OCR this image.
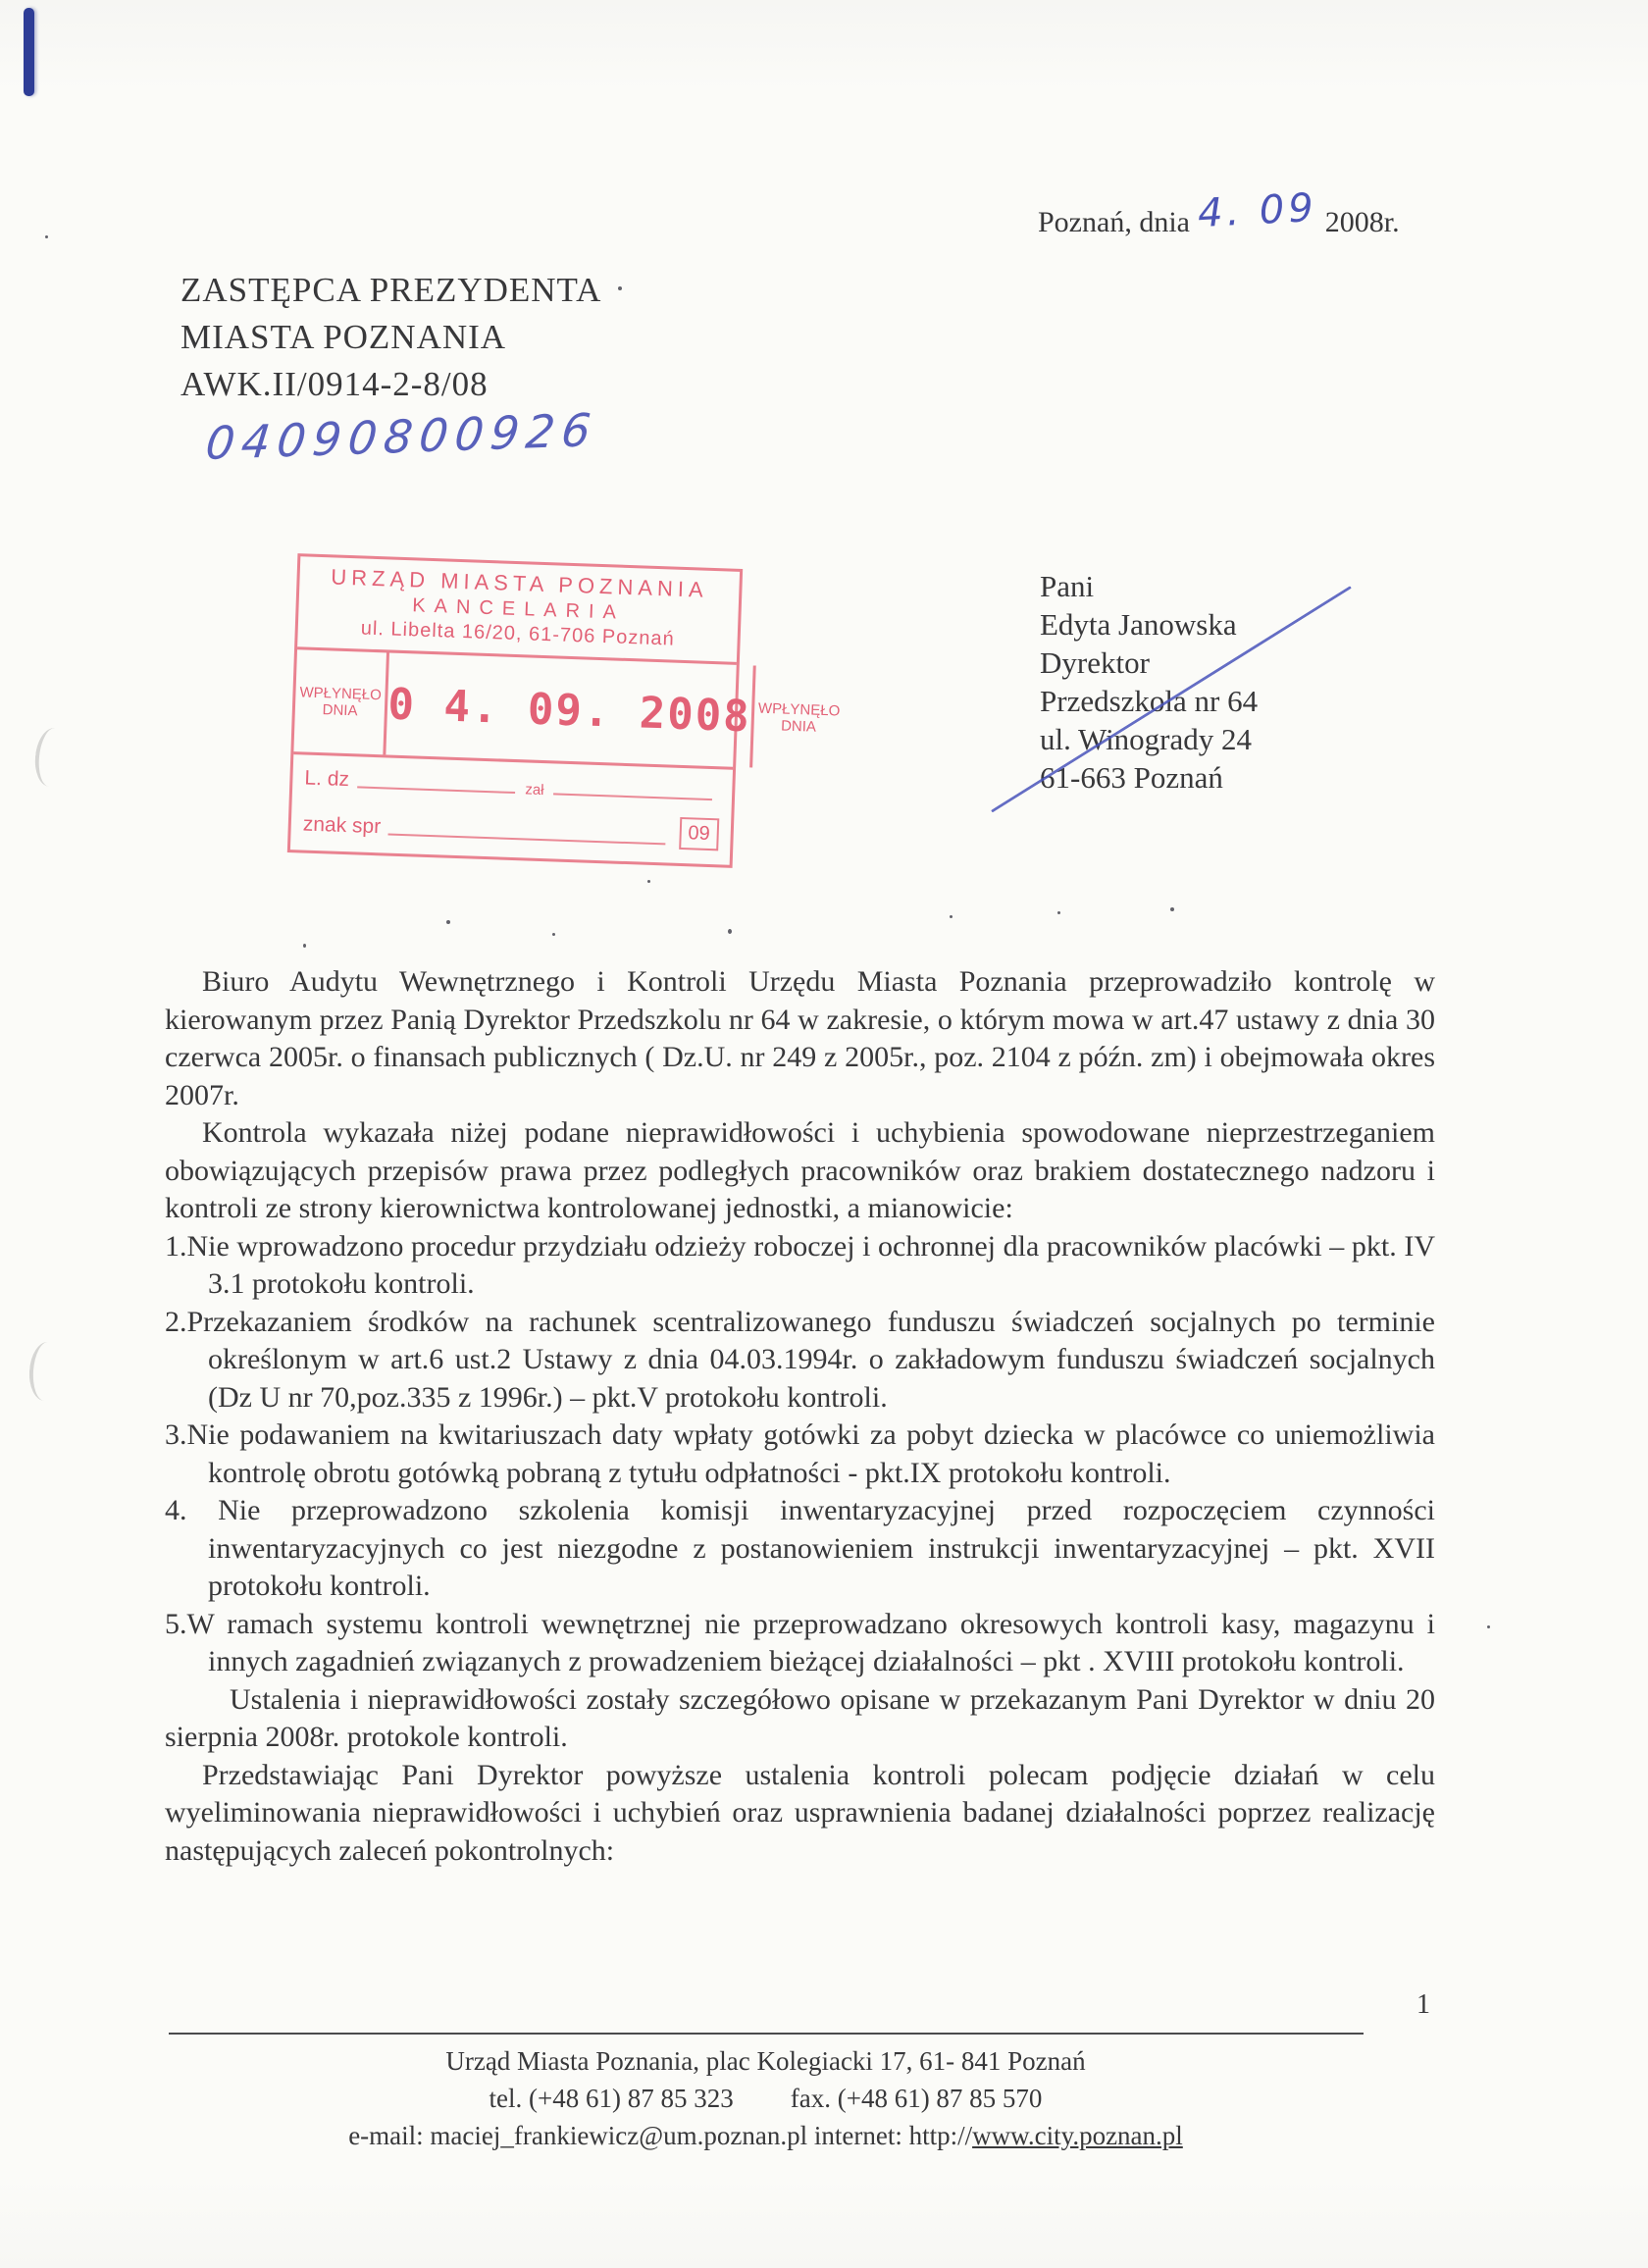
Poznań, dnia 4. 09 2008r.
ZASTĘPCA PREZYDENTA
MIASTA POZNANIA
AWK.II/0914-2-8/08
04090800926
URZĄD MIASTA POZNANIA
KANCELARIA
ul. Libelta 16/20, 61-706 Poznań
WPŁYNĘŁO DNIA 0 4. 09. 2008 WPŁYNĘŁO DNIA
L. dz	zał
znak spr	09
Pani
Edyta Janowska
Dyrektor
Przedszkola nr 64
ul. Winogrady 24
61-663 Poznań

Biuro Audytu Wewnętrznego i Kontroli Urzędu Miasta Poznania przeprowadziło kontrolę w kierowanym przez Panią Dyrektor Przedszkolu nr 64 w zakresie, o którym mowa w art.47 ustawy z dnia 30 czerwca 2005r. o finansach publicznych ( Dz.U. nr 249 z 2005r., poz. 2104 z późn. zm) i obejmowała okres 2007r.

Kontrola wykazała niżej podane nieprawidłowości i uchybienia spowodowane nieprzestrzeganiem obowiązujących przepisów prawa przez podległych pracowników oraz brakiem dostatecznego nadzoru i kontroli ze strony kierownictwa kontrolowanej jednostki, a mianowicie:

1.Nie wprowadzono procedur przydziału odzieży roboczej i ochronnej dla pracowników placówki – pkt. IV 3.1 protokołu kontroli.

2.Przekazaniem środków na rachunek scentralizowanego funduszu świadczeń socjalnych po terminie określonym w art.6 ust.2 Ustawy z dnia 04.03.1994r. o zakładowym funduszu świadczeń socjalnych (Dz U nr 70,poz.335 z 1996r.) – pkt.V protokołu kontroli.

3.Nie podawaniem na kwitariuszach daty wpłaty gotówki za pobyt dziecka w placówce co uniemożliwia kontrolę obrotu gotówką pobraną z tytułu odpłatności - pkt.IX protokołu kontroli.

4. Nie przeprowadzono szkolenia komisji inwentaryzacyjnej przed rozpoczęciem czynności inwentaryzacyjnych co jest niezgodne z postanowieniem instrukcji inwentaryzacyjnej – pkt. XVII protokołu kontroli.

5.W ramach systemu kontroli wewnętrznej nie przeprowadzano okresowych kontroli kasy, magazynu i innych zagadnień związanych z prowadzeniem bieżącej działalności – pkt . XVIII protokołu kontroli.

Ustalenia i nieprawidłowości zostały szczegółowo opisane w przekazanym Pani Dyrektor w dniu 20 sierpnia 2008r. protokole kontroli.

Przedstawiając Pani Dyrektor powyższe ustalenia kontroli polecam podjęcie działań w celu wyeliminowania nieprawidłowości i uchybień oraz usprawnienia badanej działalności poprzez realizację następujących zaleceń pokontrolnych:

1
Urząd Miasta Poznania, plac Kolegiacki 17, 61- 841 Poznań
tel. (+48 61) 87 85 323 fax. (+48 61) 87 85 570
e-mail: maciej_frankiewicz@um.poznan.pl internet: http://www.city.poznan.pl
